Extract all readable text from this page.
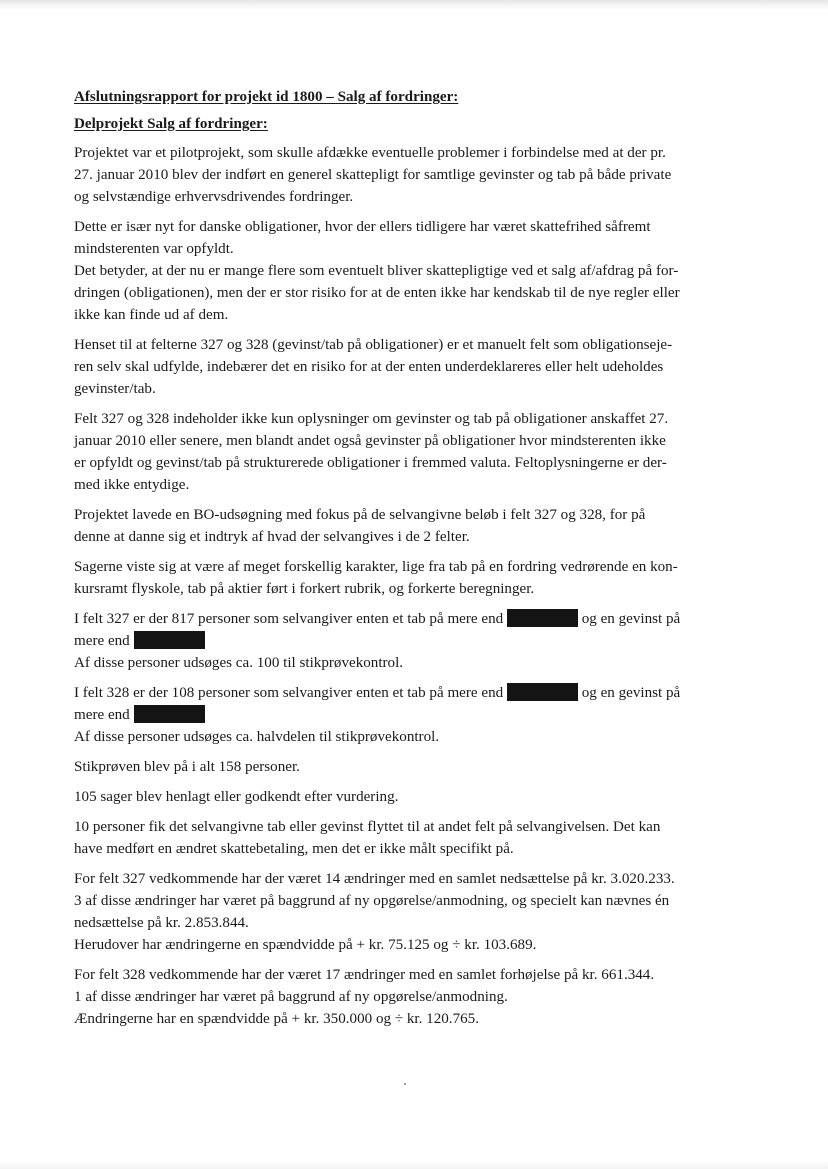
Afslutningsrapport for projekt id 1800 – Salg af fordringer:
Delprojekt Salg af fordringer:

Projektet var et pilotprojekt, som skulle afdække eventuelle problemer i forbindelse med at der pr.
27. januar 2010 blev der indført en generel skattepligt for samtlige gevinster og tab på både private
og selvstændige erhvervsdrivendes fordringer.

Dette er især nyt for danske obligationer, hvor der ellers tidligere har været skattefrihed såfremt
mindsterenten var opfyldt.
Det betyder, at der nu er mange flere som eventuelt bliver skattepligtige ved et salg af/afdrag på for-
dringen (obligationen), men der er stor risiko for at de enten ikke har kendskab til de nye regler eller
ikke kan finde ud af dem.

Henset til at felterne 327 og 328 (gevinst/tab på obligationer) er et manuelt felt som obligationseje-
ren selv skal udfylde, indebærer det en risiko for at der enten underdeklareres eller helt udeholdes
gevinster/tab.

Felt 327 og 328 indeholder ikke kun oplysninger om gevinster og tab på obligationer anskaffet 27.
januar 2010 eller senere, men blandt andet også gevinster på obligationer hvor mindsterenten ikke
er opfyldt og gevinst/tab på strukturerede obligationer i fremmed valuta. Feltoplysningerne er der-
med ikke entydige.

Projektet lavede en BO-udsøgning med fokus på de selvangivne beløb i felt 327 og 328, for på
denne at danne sig et indtryk af hvad der selvangives i de 2 felter.

Sagerne viste sig at være af meget forskellig karakter, lige fra tab på en fordring vedrørende en kon-
kursramt flyskole, tab på aktier ført i forkert rubrik, og forkerte beregninger.

I felt 327 er der 817 personer som selvangiver enten et tab på mere end	og en gevinst på
mere end
Af disse personer udsøges ca. 100 til stikprøvekontrol.

I felt 328 er der 108 personer som selvangiver enten et tab på mere end	og en gevinst på
mere end
Af disse personer udsøges ca. halvdelen til stikprøvekontrol.

Stikprøven blev på i alt 158 personer.

105 sager blev henlagt eller godkendt efter vurdering.

10 personer fik det selvangivne tab eller gevinst flyttet til at andet felt på selvangivelsen. Det kan
have medført en ændret skattebetaling, men det er ikke målt specifikt på.

For felt 327 vedkommende har der været 14 ændringer med en samlet nedsættelse på kr. 3.020.233.
3 af disse ændringer har været på baggrund af ny opgørelse/anmodning, og specielt kan nævnes én
nedsættelse på kr. 2.853.844.
Herudover har ændringerne en spændvidde på + kr. 75.125 og ÷ kr. 103.689.

For felt 328 vedkommende har der været 17 ændringer med en samlet forhøjelse på kr. 661.344.
1 af disse ændringer har været på baggrund af ny opgørelse/anmodning.
Ændringerne har en spændvidde på + kr. 350.000 og ÷ kr. 120.765.
